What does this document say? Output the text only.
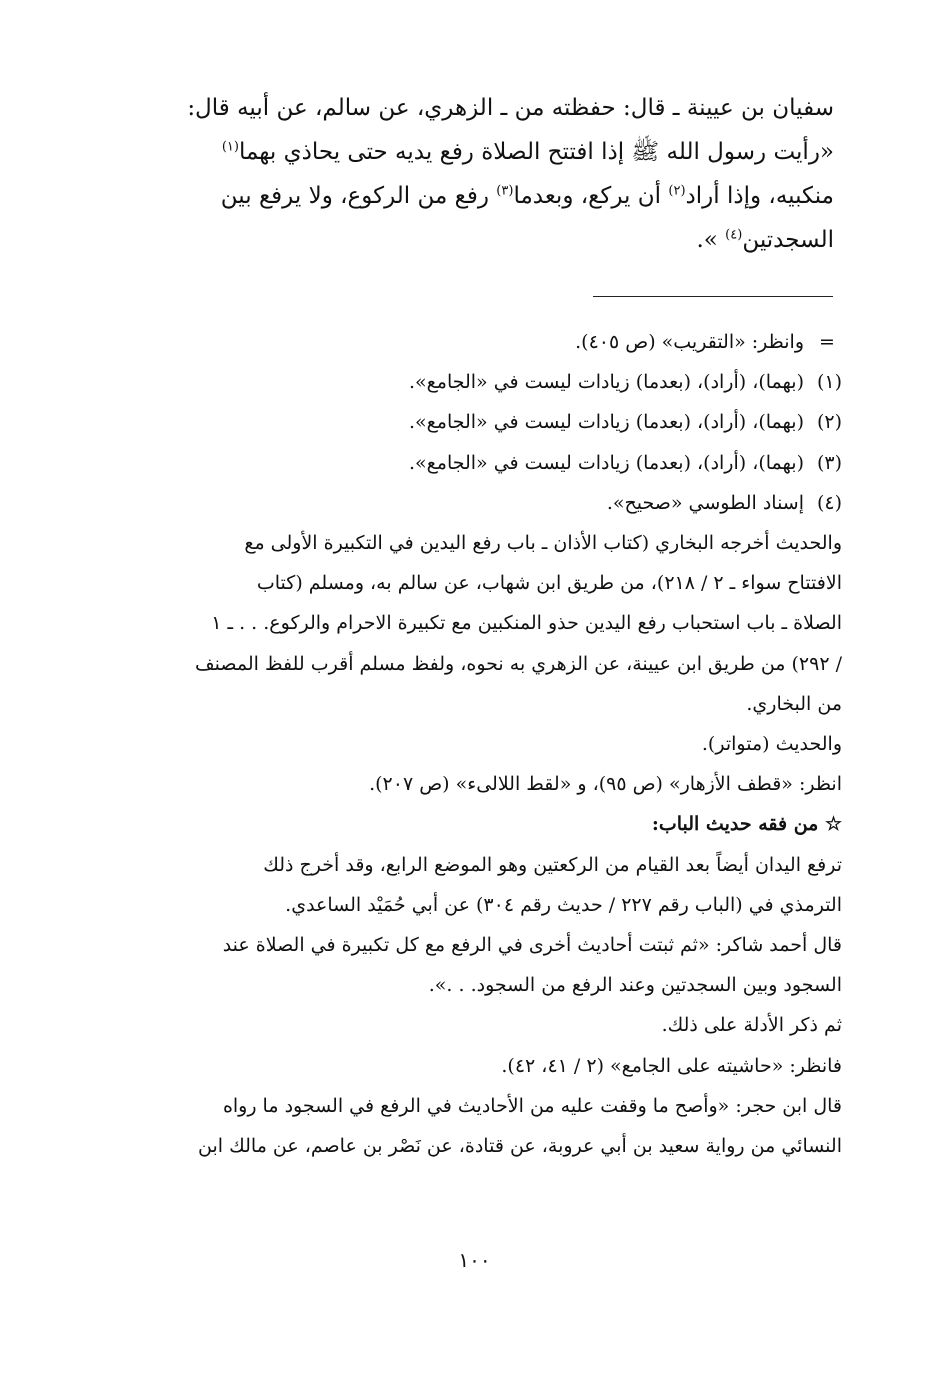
سفيان بن عيينة ـ قال: حفظته من ـ الزهري، عن سالم، عن أبيه قال:

«رأيت رسول الله ﷺ إذا افتتح الصلاة رفع يديه حتى يحاذي بهما$^{(١)}$

منكبيه، وإذا أراد$^{(٢)}$ أن يركع، وبعدما$^{(٣)}$ رفع من الركوع، ولا يرفع بين

السجدتين$^{(٤)}$ ».

=وانظر: «التقريب» (ص ٤٠٥).

(١)(بهما)، (أراد)، (بعدما) زيادات ليست في «الجامع».

(٢)(بهما)، (أراد)، (بعدما) زيادات ليست في «الجامع».

(٣)(بهما)، (أراد)، (بعدما) زيادات ليست في «الجامع».

(٤)إسناد الطوسي «صحيح».

والحديث أخرجه البخاري (كتاب الأذان ـ باب رفع اليدين في التكبيرة الأولى مع

الافتتاح سواء ـ ٢ / ٢١٨)، من طريق ابن شهاب، عن سالم به، ومسلم (كتاب

الصلاة ـ باب استحباب رفع اليدين حذو المنكبين مع تكبيرة الاحرام والركوع. . . ـ ١

/ ٢٩٢) من طريق ابن عيينة، عن الزهري به نحوه، ولفظ مسلم أقرب للفظ المصنف

من البخاري.

والحديث (متواتر).

انظر: «قطف الأزهار» (ص ٩٥)، و «لقط اللالىء» (ص ٢٠٧).

☆ من فقه حديث الباب:

ترفع اليدان أيضاً بعد القيام من الركعتين وهو الموضع الرابع، وقد أخرج ذلك

الترمذي في (الباب رقم ٢٢٧ / حديث رقم ٣٠٤) عن أبي حُمَيْد الساعدي.

قال أحمد شاكر: «ثم ثبتت أحاديث أخرى في الرفع مع كل تكبيرة في الصلاة عند

السجود وبين السجدتين وعند الرفع من السجود. . .».

ثم ذكر الأدلة على ذلك.

فانظر: «حاشيته على الجامع» (٢ / ٤١، ٤٢).

قال ابن حجر: «وأصح ما وقفت عليه من الأحاديث في الرفع في السجود ما رواه

النسائي من رواية سعيد بن أبي عروبة، عن قتادة، عن نَصْر بن عاصم، عن مالك ابن

١٠٠
